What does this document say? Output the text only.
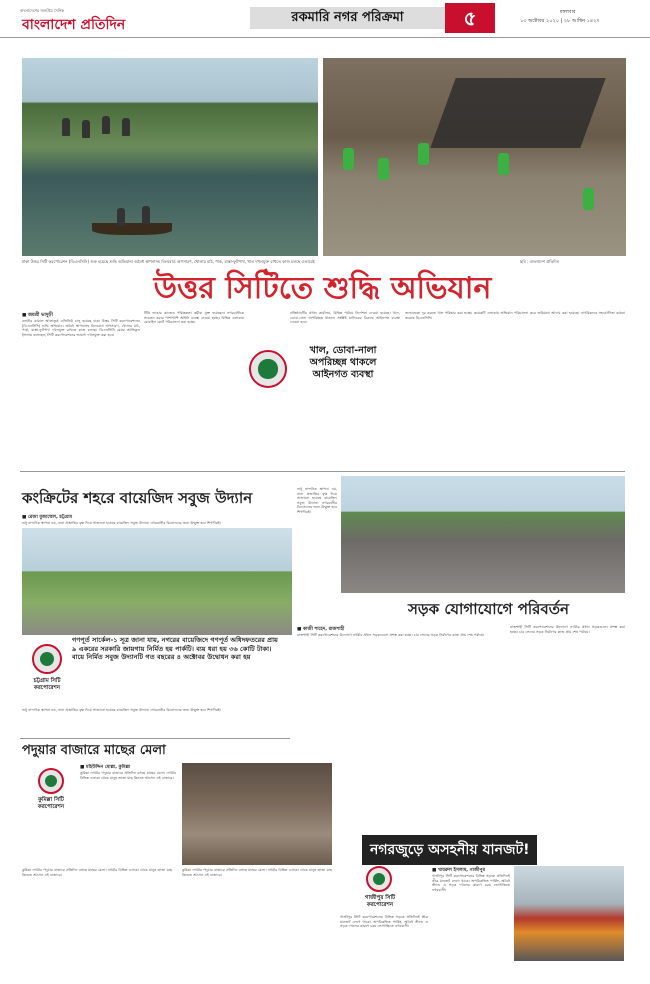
বাংলাদেশের জনপ্রিয় দৈনিক
বাংলাদেশ প্রতিদিন	রকমারি নগর পরিক্রমা	৫	মঙ্গলবার
১৩ অক্টোবর ২০২০ | ২৮ আশ্বিন ১৪২৭
ঢাকা উত্তর সিটি করপোরেশন (ডিএনসিসি) শুরু হয়েছে শুদ্ধি অভিযান। অবৈধ স্থাপনাসহ বিলবোর্ড অপসারণ, খোলার মাঠ, পার্ক, রাস্তা-ফুটপাথ, খাল দখলমুক্ত রাখতে কাজ চলছে এভাবেই	ছবি : বাংলাদেশ প্রতিদিন
উত্তর সিটিতে শুদ্ধি অভিযান
■ জয়শ্রী ভাদুড়ী
বনানীর কামাল আতাতুর্ক এভিনিউ চালু হয়েছে ঢাকা উত্তর সিটি করপোরেশনের (ডিএনসিসি) শুদ্ধি অভিযান। অবৈধ স্থাপনাসহ বিলবোর্ড অপসারণ, খোলার মাঠ, পার্ক, রাস্তা-ফুটপাথ দখলমুক্ত রাখতে কাজ চলছে। ডিএনসিসি মেয়র আতিকুল ইসলাম বলেছেন, সিটি করপোরেশনের জায়গা দখলমুক্ত করা হবে।
টিনি ভাঙার কাজেও পরিচ্ছন্নতা কর্মীরা যুক্ত হয়েছেন। নগরবাসীকে সচেতন করার পাশাপাশি আইনি ব্যবস্থা নেওয়া হচ্ছে। বিভিন্ন এলাকায় মোবাইল কোর্ট পরিচালনা করা হচ্ছে।
খাল, ডোবা-নালা অপরিচ্ছন্ন থাকলে আইনগত ব্যবস্থা
প্রতিষ্ঠানটির প্রধান কার্যালয়, বিভিন্ন পর্যায়ে নির্দেশনা দেওয়া হয়েছে। খাল, ডোবা-নালা অপরিচ্ছন্ন থাকলে সংশ্লিষ্ট মালিকের বিরুদ্ধে আইনগত ব্যবস্থা নেওয়া হবে।
জলাবদ্ধতা দূর করতে খাল পরিষ্কার করা হচ্ছে। কয়েকটি এলাকায় অভিযান পরিচালনা করে জরিমানা আদায় করা হয়েছে। নাগরিকদের সহযোগিতা কামনা করেছে ডিএনসিসি।
কংক্রিটের শহরে বায়েজিদ সবুজ উদ্যান
■ রেজা মুজাম্মেল, চট্টগ্রাম
শুধু নান্দনিক স্থাপনা নয়, নানা প্রজাতির বৃক্ষ দিয়ে সাজানো হয়েছে বায়েজিদ সবুজ উদ্যান। নগরবাসীর বিনোদনের জন্য উন্মুক্ত হবে শিগগিরই।
শুধু নান্দনিক স্থাপনা নয়, নানা প্রজাতির বৃক্ষ দিয়ে সাজানো হয়েছে বায়েজিদ সবুজ উদ্যান। নগরবাসীর বিনোদনের জন্য উন্মুক্ত হবে শিগগিরই।
সড়ক যোগাযোগে পরিবর্তন
■ কাজী শাহেদ, রাজশাহী
রাজশাহী সিটি করপোরেশনের উদ্যোগে নগরীর প্রধান সড়কগুলো প্রশস্ত করা হচ্ছে। চার লেনের সড়ক নির্মাণের কাজ প্রায় শেষ পর্যায়ে।
রাজশাহী সিটি করপোরেশনের উদ্যোগে নগরীর প্রধান সড়কগুলো প্রশস্ত করা হচ্ছে। চার লেনের সড়ক নির্মাণের কাজ প্রায় শেষ পর্যায়ে।
চট্টগ্রাম সিটি করপোরেশন
গণপূর্ত সার্কেল-১ সূত্র জানা যায়, নগরের বায়েজিদে গণপূর্ত অধিদফতরের প্রায় ৯ একরের সরকারি জায়গায় নির্মিত হয় পার্কটি। ব্যয় ধরা হয় ৩৬ কোটি টাকা। বায়ে নির্মিত সবুজ উদ্যানটি গত বছরের ৪ অক্টোবর উদ্বোধন করা হয়
শুধু নান্দনিক স্থাপনা নয়, নানা প্রজাতির বৃক্ষ দিয়ে সাজানো হয়েছে বায়েজিদ সবুজ উদ্যান। নগরবাসীর বিনোদনের জন্য উন্মুক্ত হবে শিগগিরই।
পদুয়ার বাজারে মাছের মেলা
কুমিল্লা সিটি করপোরেশন
■ মহিউদ্দিন মোল্লা, কুমিল্লা
কুমিল্লা নগরীর পদুয়ার বাজারে প্রতিদিন বসছে মাছের মেলা। নগরীর বিভিন্ন এলাকা থেকে মানুষ তাজা মাছ কিনতে আসেন এই বাজারে।
কুমিল্লা নগরীর পদুয়ার বাজারে প্রতিদিন বসছে মাছের মেলা। নগরীর বিভিন্ন এলাকা থেকে মানুষ তাজা মাছ কিনতে আসেন এই বাজারে।
কুমিল্লা নগরীর পদুয়ার বাজারে প্রতিদিন বসছে মাছের মেলা। নগরীর বিভিন্ন এলাকা থেকে মানুষ তাজা মাছ কিনতে আসেন এই বাজারে।
নগরজুড়ে অসহনীয় যানজট!
■ খায়রুল ইসলাম, গাজীপুর
গাজীপুর সিটি করপোরেশন
গাজীপুর সিটি করপোরেশনের বিভিন্ন সড়কে প্রতিদিনই তীব্র যানজট লেগে থাকে। অপরিকল্পিত পার্কিং, অবৈধ স্ট্যান্ড ও সড়ক দখলের কারণে চরম ভোগান্তিতে নগরবাসী।
গাজীপুর সিটি করপোরেশনের বিভিন্ন সড়কে প্রতিদিনই তীব্র যানজট লেগে থাকে। অপরিকল্পিত পার্কিং, অবৈধ স্ট্যান্ড ও সড়ক দখলের কারণে চরম ভোগান্তিতে নগরবাসী।
